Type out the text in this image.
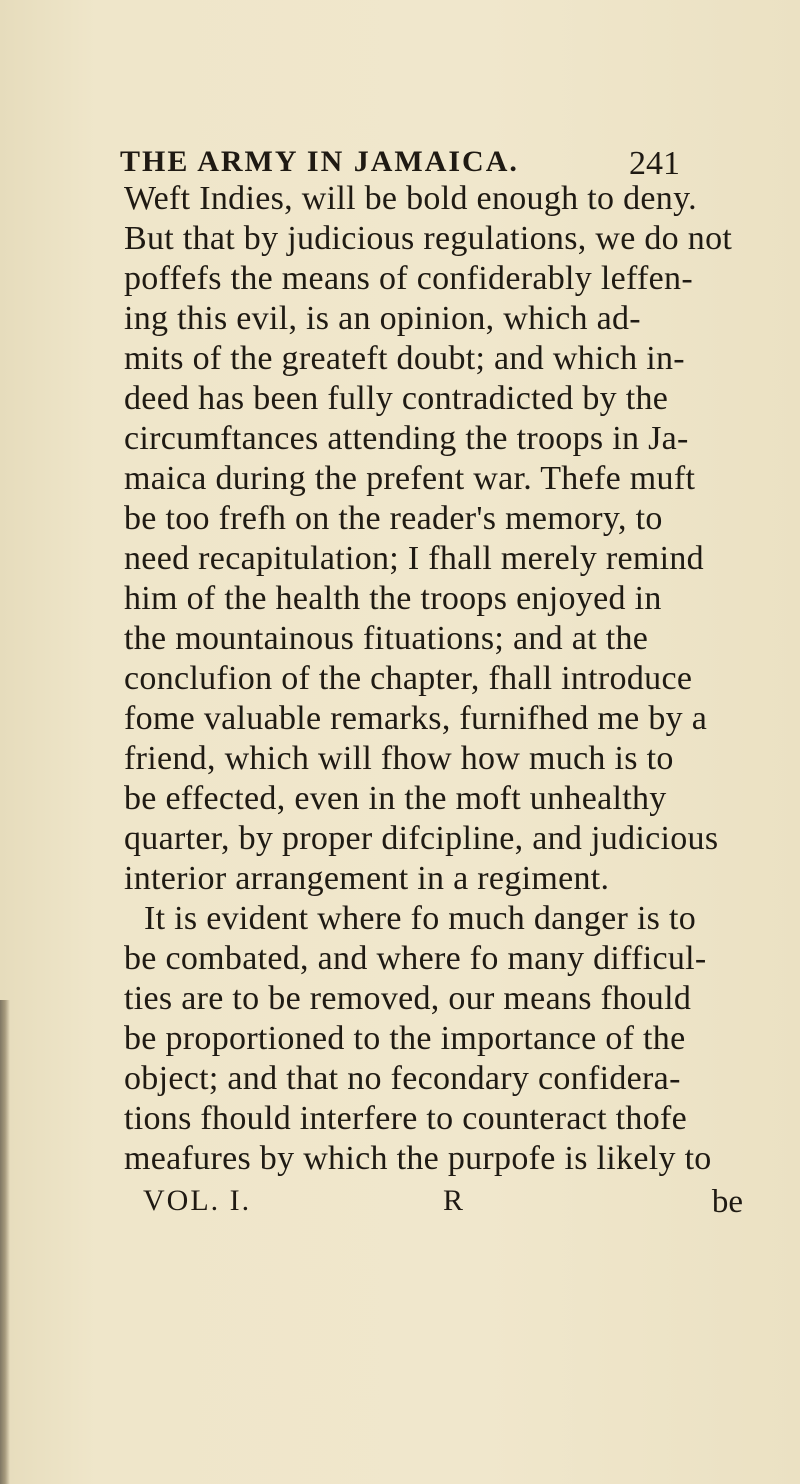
THE ARMY IN JAMAICA.	241
Weft Indies, will be bold enough to deny.
But that by judicious regulations, we do not
poffefs the means of confiderably leffen-
ing this evil, is an opinion, which ad-
mits of the greateft doubt; and which in-
deed has been fully contradicted by the
circumftances attending the troops in Ja-
maica during the prefent war. Thefe muft
be too frefh on the reader's memory, to
need recapitulation; I fhall merely remind
him of the health the troops enjoyed in
the mountainous fituations; and at the
conclufion of the chapter, fhall introduce
fome valuable remarks, furnifhed me by a
friend, which will fhow how much is to
be effected, even in the moft unhealthy
quarter, by proper difcipline, and judicious
interior arrangement in a regiment.
It is evident where fo much danger is to
be combated, and where fo many difficul-
ties are to be removed, our means fhould
be proportioned to the importance of the
object; and that no fecondary confidera-
tions fhould interfere to counteract thofe
meafures by which the purpofe is likely to
VOL. I.	R	be
